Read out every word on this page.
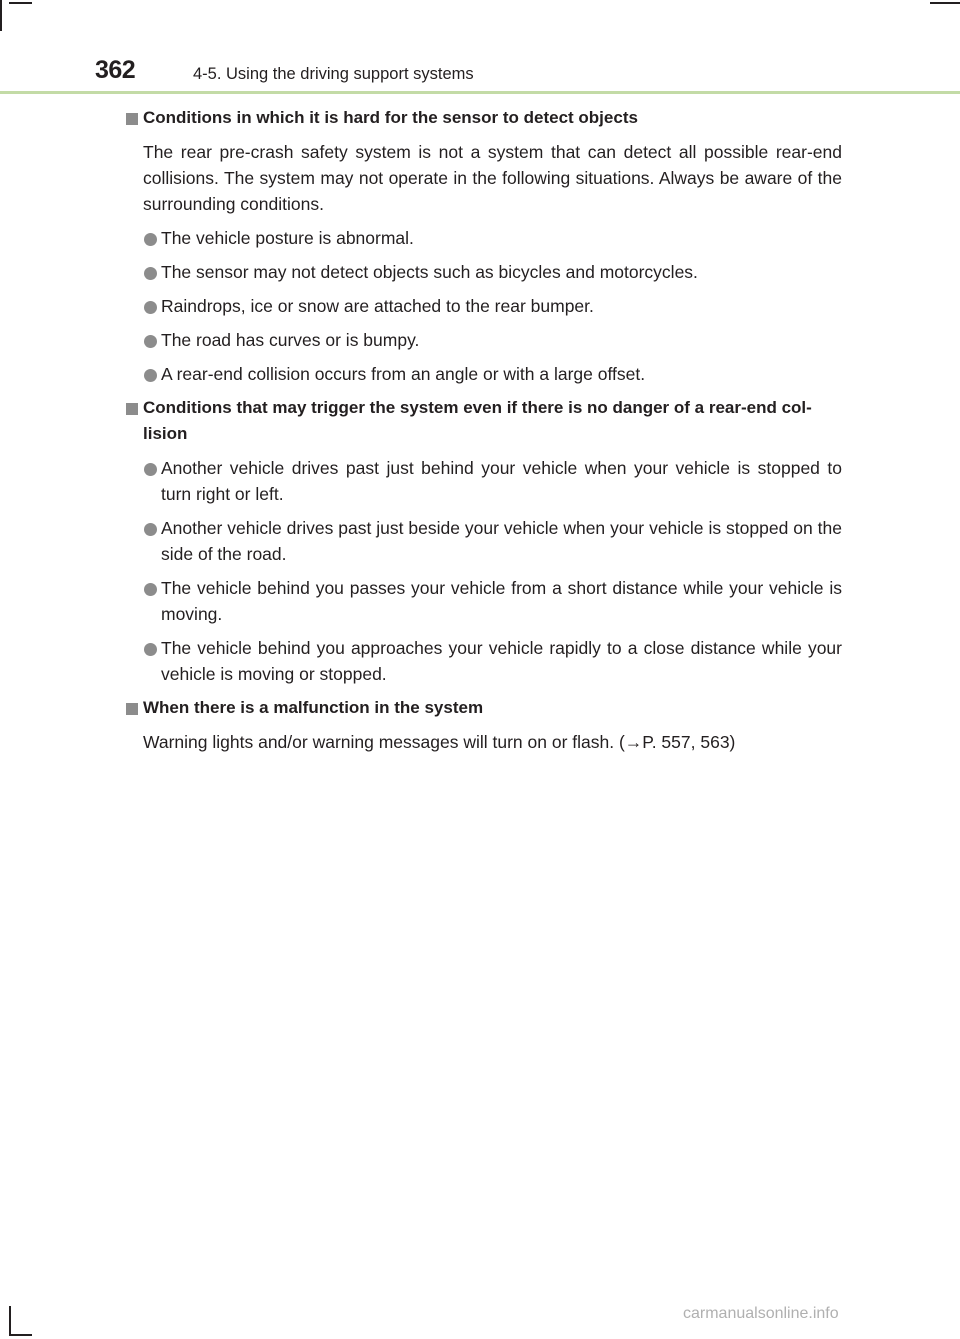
362	4-5. Using the driving support systems
Conditions in which it is hard for the sensor to detect objects
The rear pre-crash safety system is not a system that can detect all possible rear-end collisions. The system may not operate in the following situations. Always be aware of the surrounding conditions.
The vehicle posture is abnormal.
The sensor may not detect objects such as bicycles and motorcycles.
Raindrops, ice or snow are attached to the rear bumper.
The road has curves or is bumpy.
A rear-end collision occurs from an angle or with a large offset.
Conditions that may trigger the system even if there is no danger of a rear-end col-lision
Another vehicle drives past just behind your vehicle when your vehicle is stopped to turn right or left.
Another vehicle drives past just beside your vehicle when your vehicle is stopped on the side of the road.
The vehicle behind you passes your vehicle from a short distance while your vehicle is moving.
The vehicle behind you approaches your vehicle rapidly to a close distance while your vehicle is moving or stopped.
When there is a malfunction in the system
Warning lights and/or warning messages will turn on or flash. (→P. 557, 563)
carmanualsonline.info
